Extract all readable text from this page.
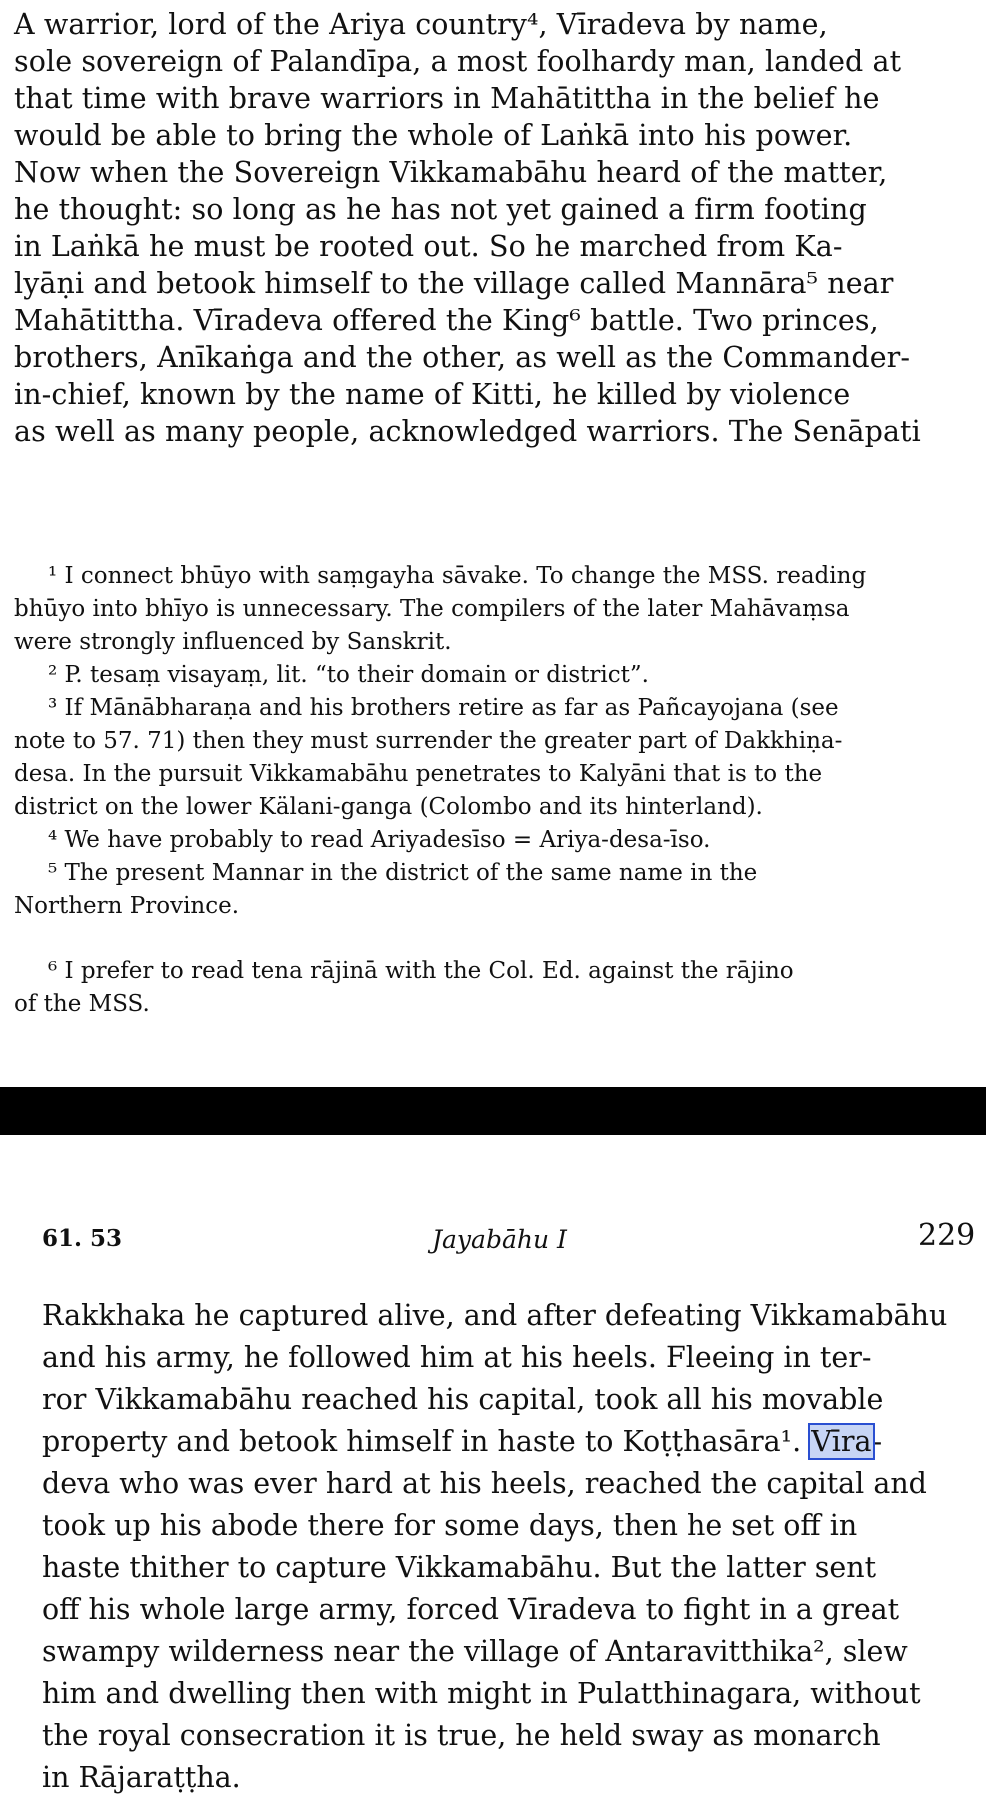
A warrior, lord of the Ariya country⁴, Vīradeva by name,
sole sovereign of Palandīpa, a most foolhardy man, landed at
that time with brave warriors in Mahātittha in the belief he
would be able to bring the whole of Laṅkā into his power.
Now when the Sovereign Vikkamabāhu heard of the matter,
he thought: so long as he has not yet gained a firm footing
in Laṅkā he must be rooted out. So he marched from Ka-
lyāṇi and betook himself to the village called Mannāra⁵ near
Mahātittha. Vīradeva offered the King⁶ battle. Two princes,
brothers, Anīkaṅga and the other, as well as the Commander-
in-chief, known by the name of Kitti, he killed by violence
as well as many people, acknowledged warriors. The Senāpati
¹ I connect bhūyo with saṃgayha sāvake. To change the MSS. reading
bhūyo into bhīyo is unnecessary. The compilers of the later Mahāvaṃsa
were strongly influenced by Sanskrit.
² P. tesaṃ visayaṃ, lit. “to their domain or district”.
³ If Mānābharaṇa and his brothers retire as far as Pañcayojana (see
note to 57. 71) then they must surrender the greater part of Dakkhiṇa-
desa. In the pursuit Vikkamabāhu penetrates to Kalyāni that is to the
district on the lower Kälani-ganga (Colombo and its hinterland).
⁴ We have probably to read Ariyadesīso = Ariya-desa-īso.
⁵ The present Mannar in the district of the same name in the
Northern Province.
⁶ I prefer to read tena rājinā with the Col. Ed. against the rājino
of the MSS.
61. 53	Jayabāhu I	229
Rakkhaka he captured alive, and after defeating Vikkamabāhu
and his army, he followed him at his heels. Fleeing in ter-
ror Vikkamabāhu reached his capital, took all his movable
property and betook himself in haste to Koṭṭhasāra¹. Vīra-
deva who was ever hard at his heels, reached the capital and
took up his abode there for some days, then he set off in
haste thither to capture Vikkamabāhu. But the latter sent
off his whole large army, forced Vīradeva to fight in a great
swampy wilderness near the village of Antaravitthika², slew
him and dwelling then with might in Pulatthinagara, without
the royal consecration it is true, he held sway as monarch
in Rājaraṭṭha.
